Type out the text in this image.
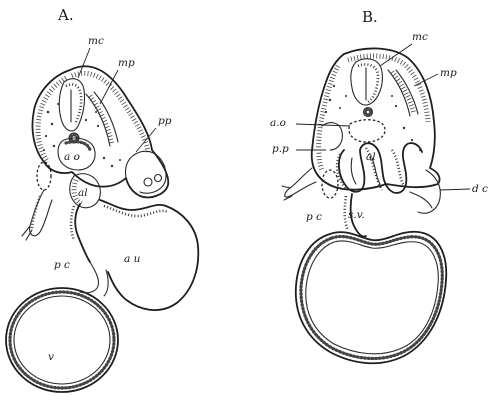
A.
mc
mp
pp
a o
al
p c	a u
v
B.
mc
mp
a.o
p.p
al
d c
p c s.v.
